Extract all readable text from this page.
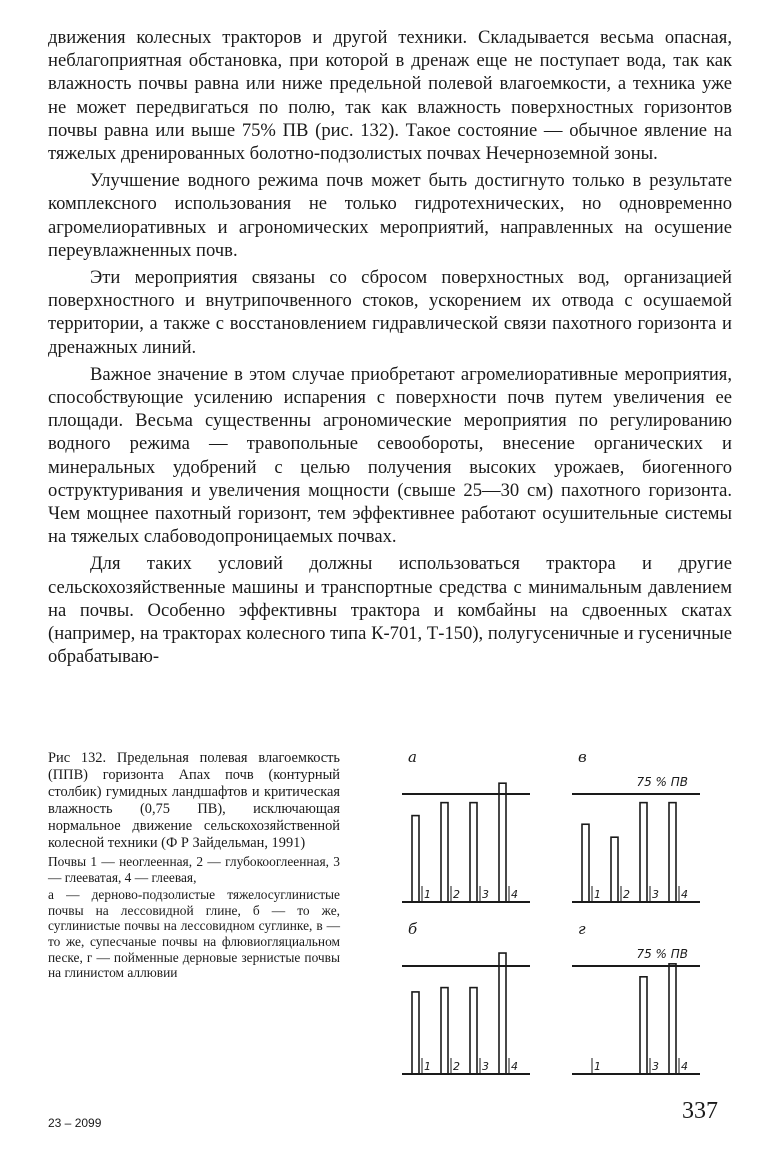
движения колесных тракторов и другой техники. Складывается весьма опасная, неблагоприятная обстановка, при которой в дренаж еще не поступает вода, так как влажность почвы равна или ниже предельной полевой влагоемкости, а техника уже не может передвигаться по полю, так как влажность поверхностных горизонтов почвы равна или выше 75% ПВ (рис. 132). Такое состояние — обычное явление на тяжелых дренированных болотно-подзолистых почвах Нечерноземной зоны.

Улучшение водного режима почв может быть достигнуто только в результате комплексного использования не только гидротехнических, но одновременно агромелиоративных и агрономических мероприятий, направленных на осушение переувлажненных почв.

Эти мероприятия связаны со сбросом поверхностных вод, организацией поверхностного и внутрипочвенного стоков, ускорением их отвода с осушаемой территории, а также с восстановлением гидравлической связи пахотного горизонта и дренажных линий.

Важное значение в этом случае приобретают агромелиоративные мероприятия, способствующие усилению испарения с поверхности почв путем увеличения ее площади. Весьма существенны агрономические мероприятия по регулированию водного режима — травопольные севообороты, внесение органических и минеральных удобрений с целью получения высоких урожаев, биогенного оструктуривания и увеличения мощности (свыше 25—30 см) пахотного горизонта. Чем мощнее пахотный горизонт, тем эффективнее работают осушительные системы на тяжелых слабоводопроницаемых почвах.

Для таких условий должны использоваться трактора и другие сельскохозяйственные машины и транспортные средства с минимальным давлением на почвы. Особенно эффективны трактора и комбайны на сдвоенных скатах (например, на тракторах колесного типа К-701, Т-150), полугусеничные и гусеничные обрабатываю-

Рис 132. Предельная полевая влагоемкость (ППВ) горизонта Апах почв (контурный столбик) гумидных ландшафтов и критическая влажность (0,75 ПВ), исключающая нормальное движение сельскохозяйственной колесной техники (Ф Р Зайдельман, 1991)

Почвы 1 — неоглеенная, 2 — глубокооглеенная, 3 — глееватая, 4 — глеевая,

а — дерново-подзолистые тяжелосуглинистые почвы на лессовидной глине, б — то же, суглинистые почвы на лессовидном суглинке, в — то же, супесчаные почвы на флювиогляциальном песке, г — пойменные дерновые зернистые почвы на глинистом аллювии

а
1 2 3 4
в
75 % ПВ
1 2 3 4
б
1 2 3 4
г
75 % ПВ
1	3 4
337
23 – 2099
